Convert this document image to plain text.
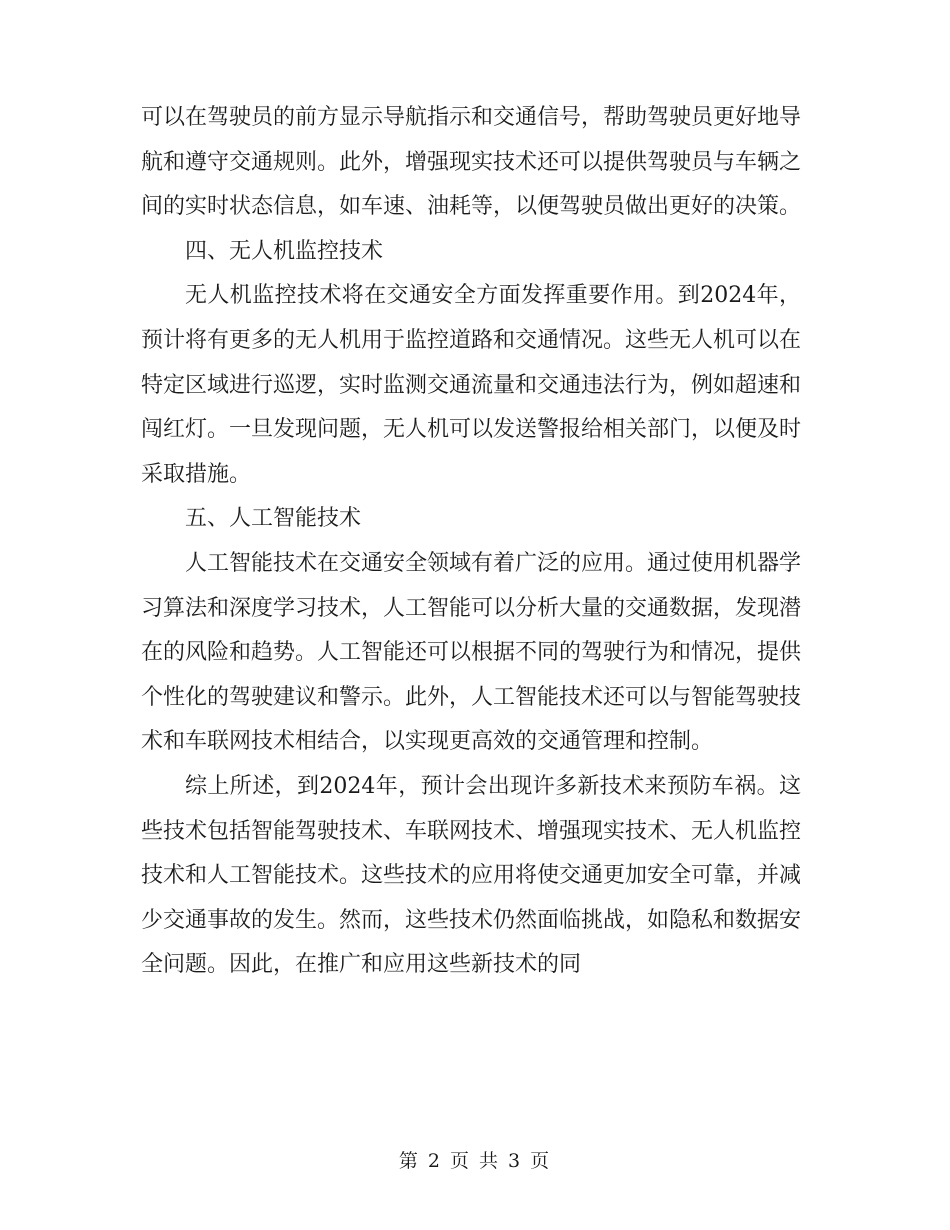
可以在驾驶员的前方显示导航指示和交通信号，帮助驾驶员更好地导航和遵守交通规则。此外，增强现实技术还可以提供驾驶员与车辆之间的实时状态信息，如车速、油耗等，以便驾驶员做出更好的决策。

四、无人机监控技术

无人机监控技术将在交通安全方面发挥重要作用。到2024年，预计将有更多的无人机用于监控道路和交通情况。这些无人机可以在特定区域进行巡逻，实时监测交通流量和交通违法行为，例如超速和闯红灯。一旦发现问题，无人机可以发送警报给相关部门，以便及时采取措施。

五、人工智能技术

人工智能技术在交通安全领域有着广泛的应用。通过使用机器学习算法和深度学习技术，人工智能可以分析大量的交通数据，发现潜在的风险和趋势。人工智能还可以根据不同的驾驶行为和情况，提供个性化的驾驶建议和警示。此外，人工智能技术还可以与智能驾驶技术和车联网技术相结合，以实现更高效的交通管理和控制。

综上所述，到2024年，预计会出现许多新技术来预防车祸。这些技术包括智能驾驶技术、车联网技术、增强现实技术、无人机监控技术和人工智能技术。这些技术的应用将使交通更加安全可靠，并减少交通事故的发生。然而，这些技术仍然面临挑战，如隐私和数据安全问题。因此，在推广和应用这些新技术的同

第 2 页 共 3 页
